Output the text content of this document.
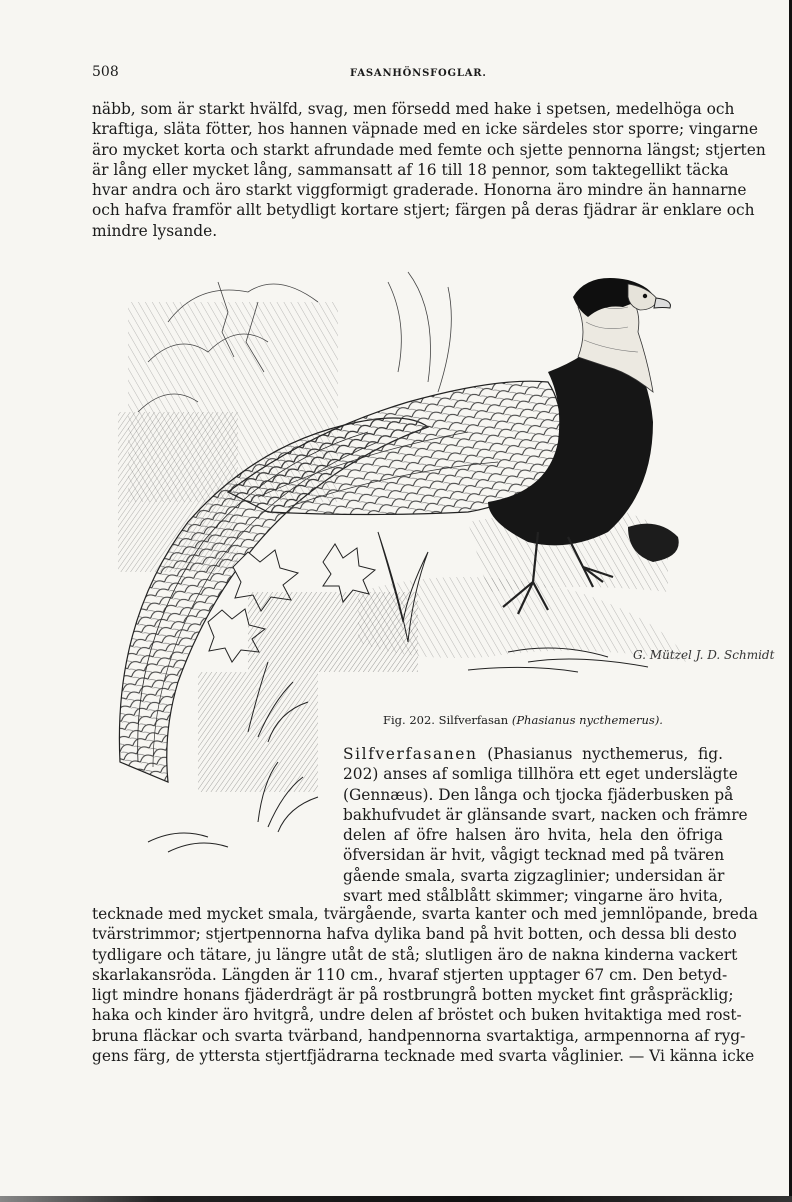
508	FASANHÖNSFOGLAR.
näbb, som är starkt hvälfd, svag, men försedd med hake i spetsen, medelhöga och
kraftiga, släta fötter, hos hannen väpnade med en icke särdeles stor sporre; vingarne
äro mycket korta och starkt afrundade med femte och sjette pennorna längst; stjerten
är lång eller mycket lång, sammansatt af 16 till 18 pennor, som taktegellikt täcka
hvar andra och äro starkt viggformigt graderade. Honorna äro mindre än hannarne
och hafva framför allt betydligt kortare stjert; färgen på deras fjädrar är enklare och
mindre lysande.
G. Mützel J. D. Schmidt
Fig. 202. Silfverfasan (Phasianus nycthemerus).
Silfverfasanen (Phasianus nycthemerus, fig.
202) anses af somliga tillhöra ett eget underslägte
(Gennæus). Den långa och tjocka fjäderbusken på
bakhufvudet är glänsande svart, nacken och främre
delen af öfre halsen äro hvita, hela den öfriga
öfversidan är hvit, vågigt tecknad med på tvären
gående smala, svarta zigzaglinier; undersidan är
svart med stålblått skimmer; vingarne äro hvita,
tecknade med mycket smala, tvärgående, svarta kanter och med jemnlöpande, breda
tvärstrimmor; stjertpennorna hafva dylika band på hvit botten, och dessa bli desto
tydligare och tätare, ju längre utåt de stå; slutligen äro de nakna kinderna vackert
skarlakansröda. Längden är 110 cm., hvaraf stjerten upptager 67 cm. Den betyd-
ligt mindre honans fjäderdrägt är på rostbrungrå botten mycket fint gråspräcklig;
haka och kinder äro hvitgrå, undre delen af bröstet och buken hvitaktiga med rost-
bruna fläckar och svarta tvärband, handpennorna svartaktiga, armpennorna af ryg-
gens färg, de yttersta stjertfjädrarna tecknade med svarta våglinier. — Vi känna icke
